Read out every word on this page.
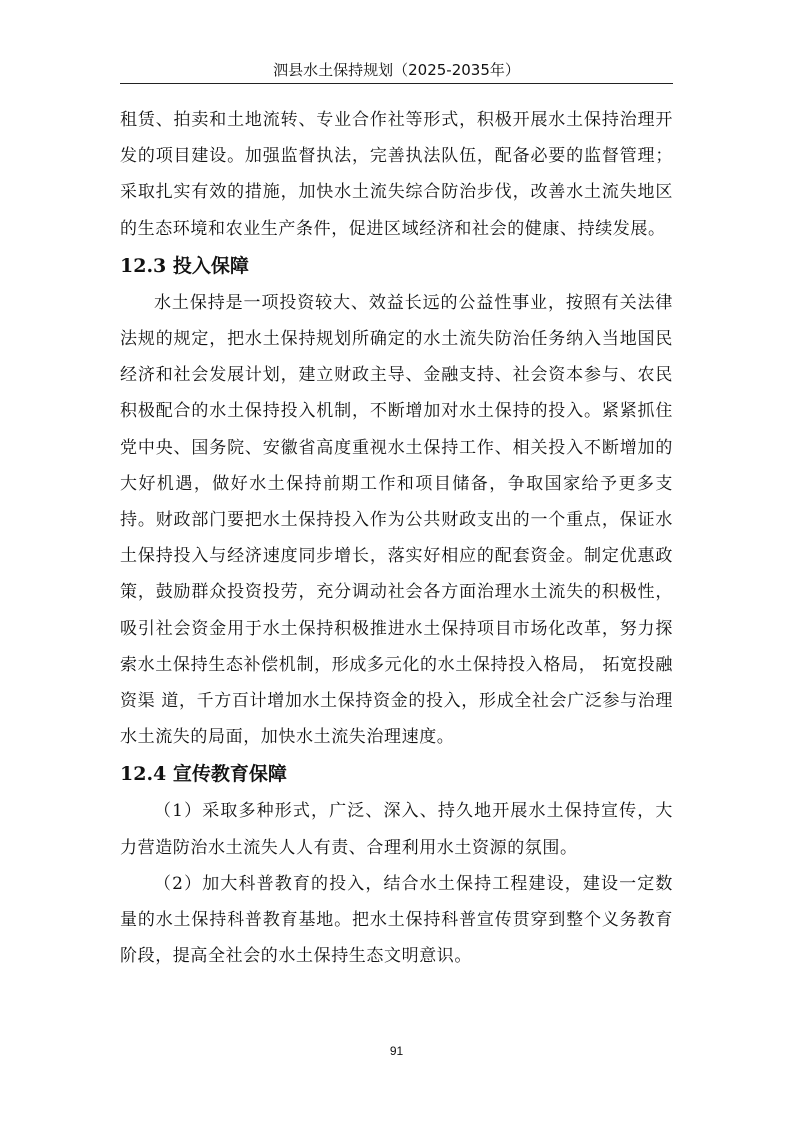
泗县水土保持规划（2025-2035年）

租赁、拍卖和土地流转、专业合作社等形式，积极开展水土保持治理开发的项目建设。加强监督执法，完善执法队伍，配备必要的监督管理；采取扎实有效的措施，加快水土流失综合防治步伐，改善水土流失地区的生态环境和农业生产条件，促进区域经济和社会的健康、持续发展。

12.3 投入保障

水土保持是一项投资较大、效益长远的公益性事业，按照有关法律法规的规定，把水土保持规划所确定的水土流失防治任务纳入当地国民经济和社会发展计划，建立财政主导、金融支持、社会资本参与、农民积极配合的水土保持投入机制，不断增加对水土保持的投入。紧紧抓住党中央、国务院、安徽省高度重视水土保持工作、相关投入不断增加的大好机遇，做好水土保持前期工作和项目储备，争取国家给予更多支持。财政部门要把水土保持投入作为公共财政支出的一个重点，保证水土保持投入与经济速度同步增长，落实好相应的配套资金。制定优惠政策，鼓励群众投资投劳，充分调动社会各方面治理水土流失的积极性，吸引社会资金用于水土保持积极推进水土保持项目市场化改革，努力探索水土保持生态补偿机制，形成多元化的水土保持投入格局， 拓宽投融资渠 道，千方百计增加水土保持资金的投入，形成全社会广泛参与治理水土流失的局面，加快水土流失治理速度。

12.4 宣传教育保障

（1）采取多种形式，广泛、深入、持久地开展水土保持宣传，大力营造防治水土流失人人有责、合理利用水土资源的氛围。

（2）加大科普教育的投入，结合水土保持工程建设，建设一定数量的水土保持科普教育基地。把水土保持科普宣传贯穿到整个义务教育阶段，提高全社会的水土保持生态文明意识。

91
